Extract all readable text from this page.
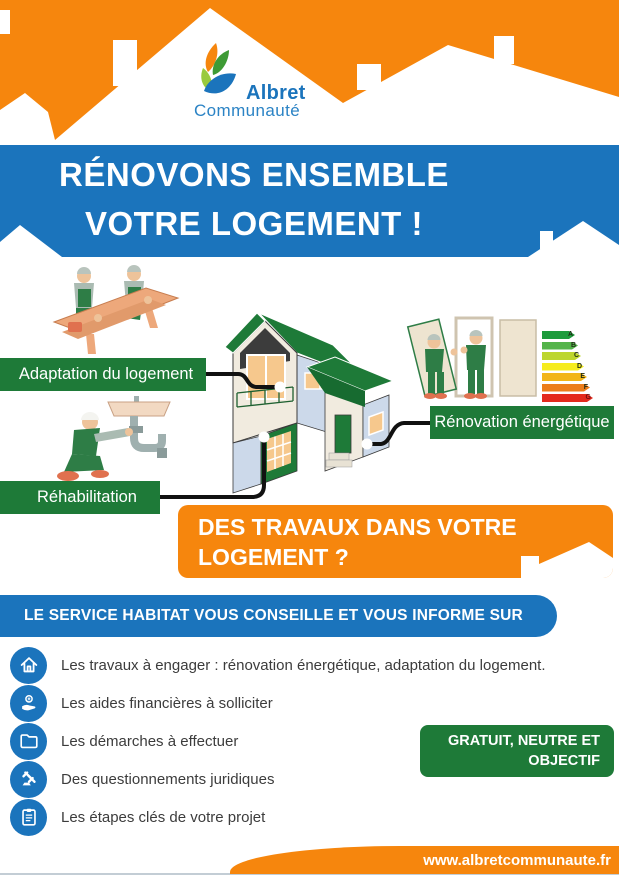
Albret
Communauté
RÉNOVONS ENSEMBLE
VOTRE LOGEMENT !
A
B
C
D
E
F
G
Adaptation du logement
Rénovation énergétique
Réhabilitation
DES TRAVAUX DANS VOTRE
LOGEMENT ?
LE SERVICE HABITAT VOUS CONSEILLE ET VOUS INFORME SUR
Les travaux à engager : rénovation énergétique, adaptation du logement.
Les aides financières à solliciter
Les démarches à effectuer
Des questionnements juridiques
Les étapes clés de votre projet
GRATUIT, NEUTRE ET
OBJECTIF
www.albretcommunaute.fr
